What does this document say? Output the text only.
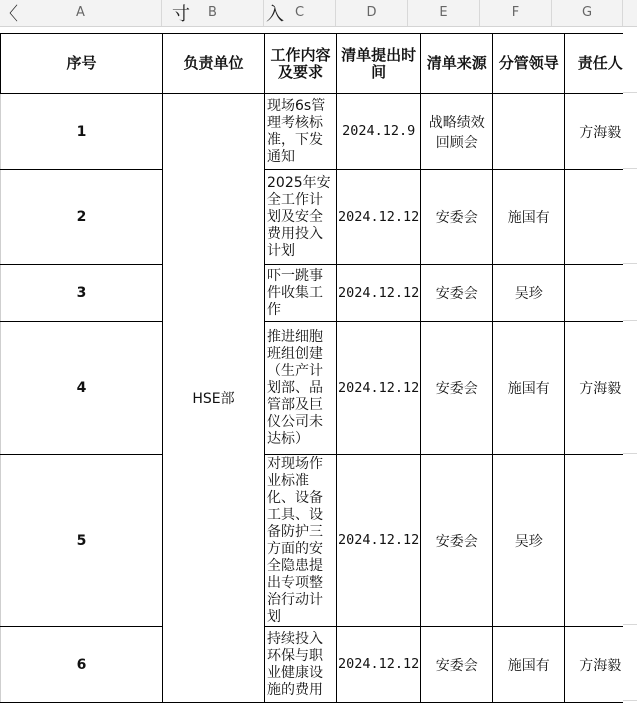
A	B	C	D	E	F	G
〈	寸	入
序号	负责单位	工作内容及要求	清单提出时间	清单来源	分管领导	责任人
1	HSE部	现场6s管理考核标准，下发通知	2024.12.9	战略绩效回顾会		方海毅
2		2025年安全工作计划及安全费用投入计划	2024.12.12	安委会	施国有	
3		吓一跳事件收集工作	2024.12.12	安委会	吴珍	
4		推进细胞班组创建（生产计划部、品管部及巨仪公司未达标）	2024.12.12	安委会	施国有	方海毅
5		对现场作业标准化、设备工具、设备防护三方面的安全隐患提出专项整治行动计划	2024.12.12	安委会	吴珍	
6		持续投入环保与职业健康设施的费用	2024.12.12	安委会	施国有	方海毅
